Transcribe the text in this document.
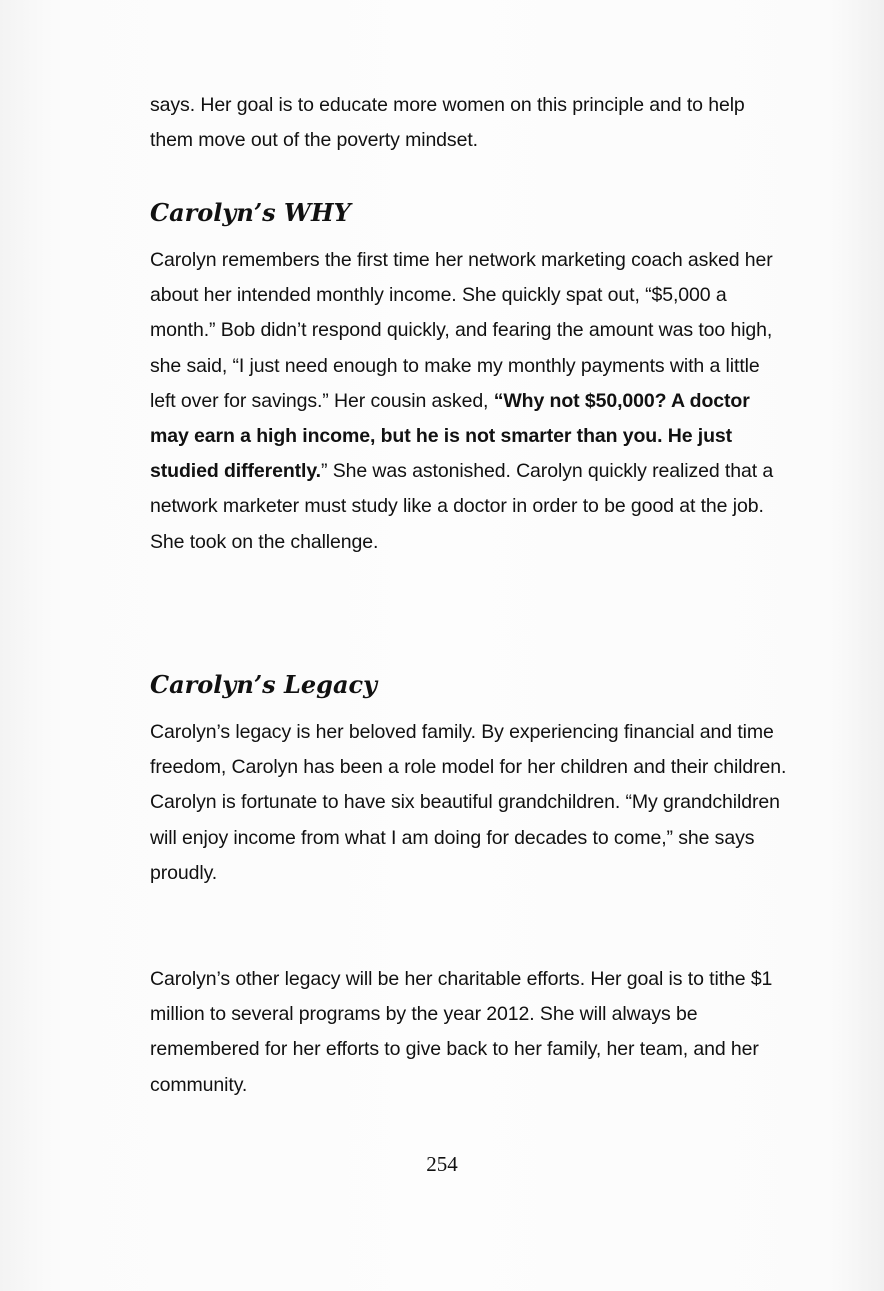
says. Her goal is to educate more women on this principle and to help them move out of the poverty mindset.

Carolyn’s WHY

Carolyn remembers the first time her network marketing coach asked her about her intended monthly income. She quickly spat out, “$5,000 a month.” Bob didn’t respond quickly, and fearing the amount was too high, she said, “I just need enough to make my monthly payments with a little left over for savings.” Her cousin asked, “Why not $50,000? A doctor may earn a high income, but he is not smarter than you. He just studied differently.” She was astonished. Carolyn quickly realized that a network marketer must study like a doctor in order to be good at the job. She took on the challenge.

Carolyn’s Legacy

Carolyn’s legacy is her beloved family. By experiencing financial and time freedom, Carolyn has been a role model for her children and their children. Carolyn is fortunate to have six beautiful grandchildren. “My grandchildren will enjoy income from what I am doing for decades to come,” she says proudly.

Carolyn’s other legacy will be her charitable efforts. Her goal is to tithe $1 million to several programs by the year 2012. She will always be remembered for her efforts to give back to her family, her team, and her community.

254
